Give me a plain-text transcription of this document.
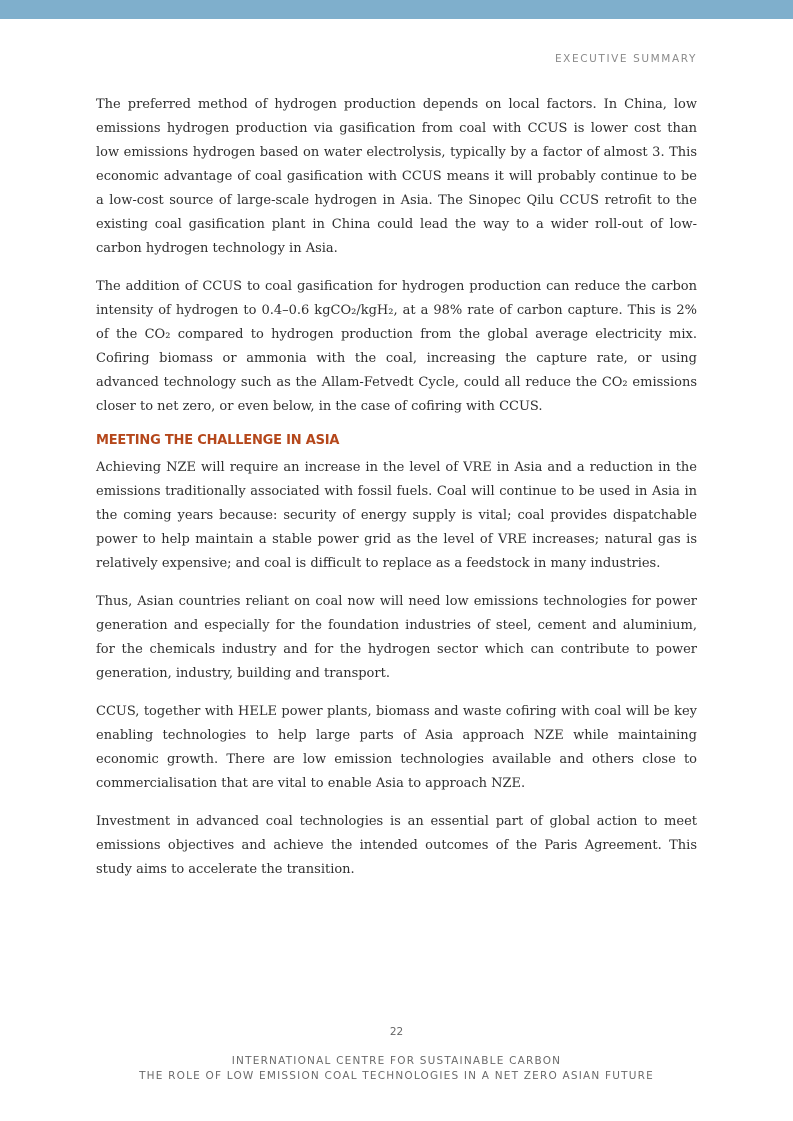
EXECUTIVE SUMMARY

The preferred method of hydrogen production depends on local factors. In China, low emissions hydrogen production via gasification from coal with CCUS is lower cost than low emissions hydrogen based on water electrolysis, typically by a factor of almost 3. This economic advantage of coal gasification with CCUS means it will probably continue to be a low-cost source of large-scale hydrogen in Asia. The Sinopec Qilu CCUS retrofit to the existing coal gasification plant in China could lead the way to a wider roll-out of low-carbon hydrogen technology in Asia.

The addition of CCUS to coal gasification for hydrogen production can reduce the carbon intensity of hydrogen to 0.4–0.6 kgCO₂/kgH₂, at a 98% rate of carbon capture. This is 2% of the CO₂ compared to hydrogen production from the global average electricity mix. Cofiring biomass or ammonia with the coal, increasing the capture rate, or using advanced technology such as the Allam-Fetvedt Cycle, could all reduce the CO₂ emissions closer to net zero, or even below, in the case of cofiring with CCUS.

MEETING THE CHALLENGE IN ASIA

Achieving NZE will require an increase in the level of VRE in Asia and a reduction in the emissions traditionally associated with fossil fuels. Coal will continue to be used in Asia in the coming years because: security of energy supply is vital; coal provides dispatchable power to help maintain a stable power grid as the level of VRE increases; natural gas is relatively expensive; and coal is difficult to replace as a feedstock in many industries.

Thus, Asian countries reliant on coal now will need low emissions technologies for power generation and especially for the foundation industries of steel, cement and aluminium, for the chemicals industry and for the hydrogen sector which can contribute to power generation, industry, building and transport.

CCUS, together with HELE power plants, biomass and waste cofiring with coal will be key enabling technologies to help large parts of Asia approach NZE while maintaining economic growth. There are low emission technologies available and others close to commercialisation that are vital to enable Asia to approach NZE.

Investment in advanced coal technologies is an essential part of global action to meet emissions objectives and achieve the intended outcomes of the Paris Agreement. This study aims to accelerate the transition.

22
INTERNATIONAL CENTRE FOR SUSTAINABLE CARBON
THE ROLE OF LOW EMISSION COAL TECHNOLOGIES IN A NET ZERO ASIAN FUTURE
